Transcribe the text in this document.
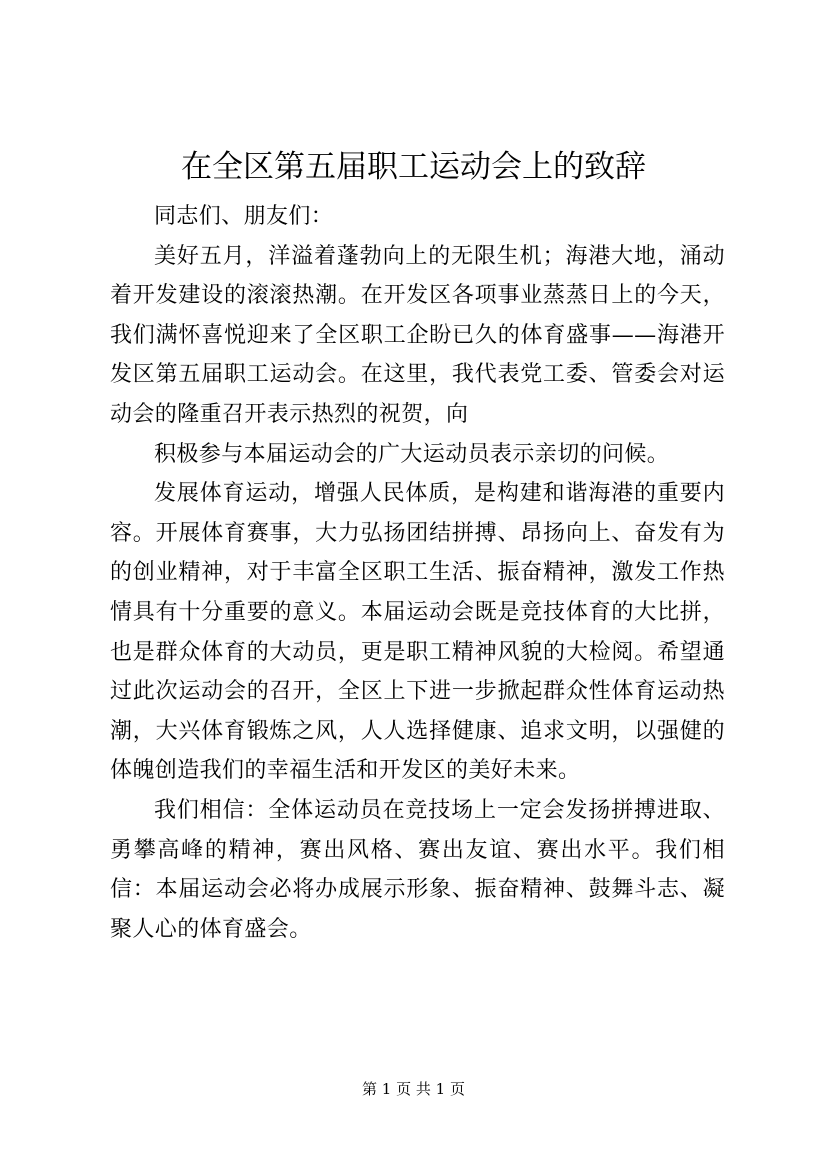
在全区第五届职工运动会上的致辞

同志们、朋友们：

美好五月，洋溢着蓬勃向上的无限生机；海港大地，涌动着开发建设的滚滚热潮。在开发区各项事业蒸蒸日上的今天，我们满怀喜悦迎来了全区职工企盼已久的体育盛事——海港开发区第五届职工运动会。在这里，我代表党工委、管委会对运动会的隆重召开表示热烈的祝贺，向

积极参与本届运动会的广大运动员表示亲切的问候。

发展体育运动，增强人民体质，是构建和谐海港的重要内容。开展体育赛事，大力弘扬团结拼搏、昂扬向上、奋发有为的创业精神，对于丰富全区职工生活、振奋精神，激发工作热情具有十分重要的意义。本届运动会既是竞技体育的大比拼，也是群众体育的大动员，更是职工精神风貌的大检阅。希望通过此次运动会的召开，全区上下进一步掀起群众性体育运动热潮，大兴体育锻炼之风，人人选择健康、追求文明，以强健的体魄创造我们的幸福生活和开发区的美好未来。

我们相信：全体运动员在竞技场上一定会发扬拼搏进取、勇攀高峰的精神，赛出风格、赛出友谊、赛出水平。我们相信：本届运动会必将办成展示形象、振奋精神、鼓舞斗志、凝聚人心的体育盛会。

第 1 页 共 1 页
